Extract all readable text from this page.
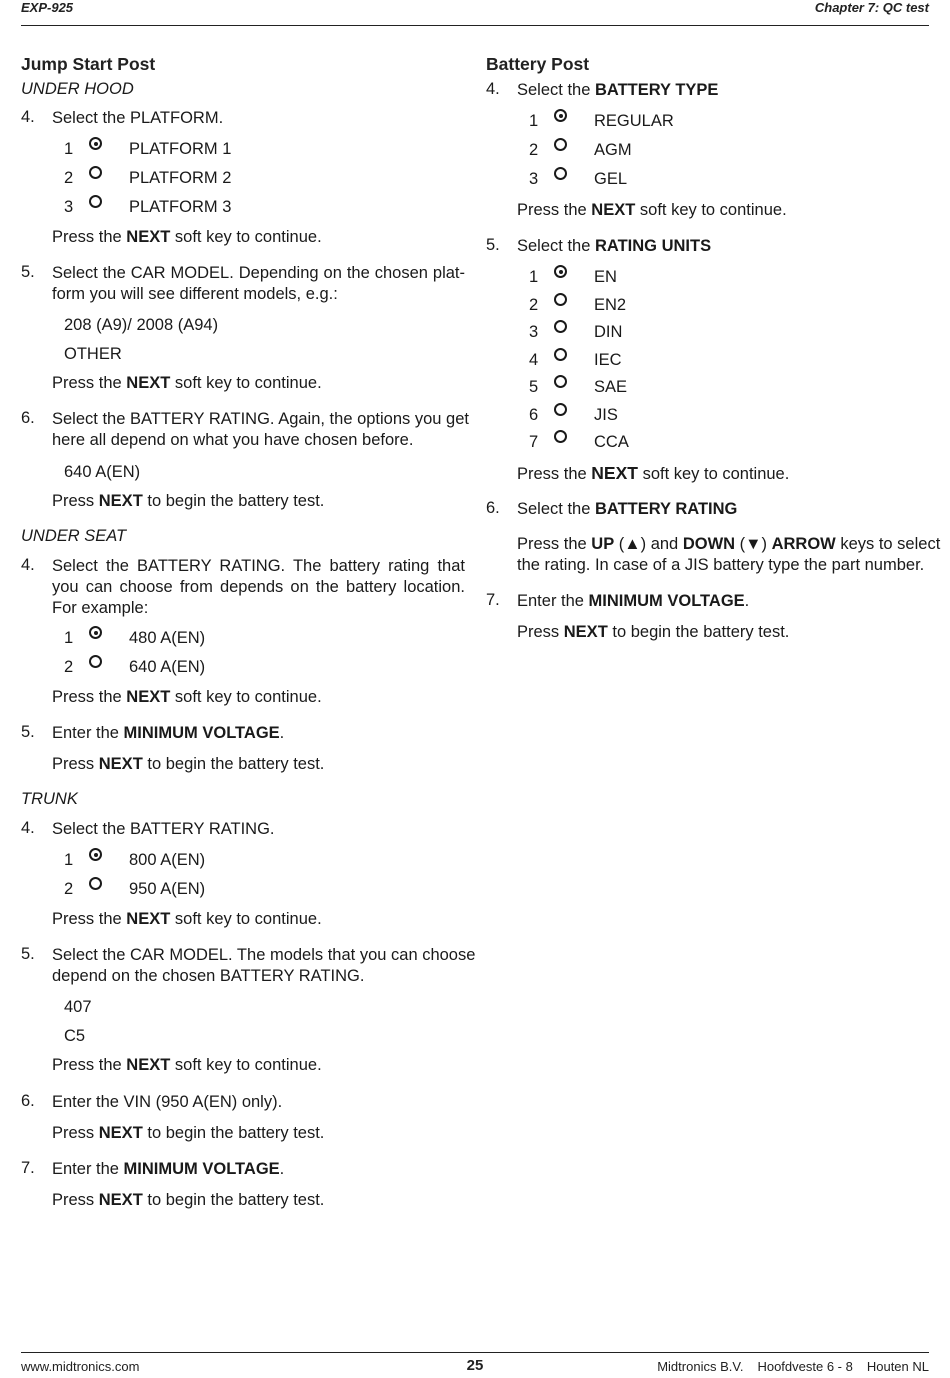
EXP-925	Chapter 7: QC test
Jump Start Post
UNDER HOOD
4. Select the PLATFORM.
1	PLATFORM 1
2	PLATFORM 2
3	PLATFORM 3
Press the NEXT soft key to continue.
5. Select the CAR MODEL. Depending on the chosen plat-
form you will see different models, e.g.:
208 (A9)/ 2008 (A94)
OTHER
Press the NEXT soft key to continue.
6. Select the BATTERY RATING. Again, the options you get
here all depend on what you have chosen before.
640 A(EN)
Press NEXT to begin the battery test.
UNDER SEAT
4. Select the BATTERY RATING. The battery rating that
you can choose from depends on the battery location.
For example:
1	480 A(EN)
2	640 A(EN)
Press the NEXT soft key to continue.
5. Enter the MINIMUM VOLTAGE.
Press NEXT to begin the battery test.
TRUNK
4. Select the BATTERY RATING.
1	800 A(EN)
2	950 A(EN)
Press the NEXT soft key to continue.
5. Select the CAR MODEL. The models that you can choose
depend on the chosen BATTERY RATING.
407
C5
Press the NEXT soft key to continue.
6. Enter the VIN (950 A(EN) only).
Press NEXT to begin the battery test.
7. Enter the MINIMUM VOLTAGE.
Press NEXT to begin the battery test.
Battery Post
4. Select the BATTERY TYPE
1	REGULAR
2	AGM
3	GEL
Press the NEXT soft key to continue.
5. Select the RATING UNITS
1	EN
2	EN2
3	DIN
4	IEC
5	SAE
6	JIS
7	CCA
Press the NEXT soft key to continue.
6. Select the BATTERY RATING
Press the UP (▲) and DOWN (▼) ARROW keys to select
the rating. In case of a JIS battery type the part number.
7. Enter the MINIMUM VOLTAGE.
Press NEXT to begin the battery test.
www.midtronics.com	25	Midtronics B.V. Hoofdveste 6 - 8 Houten NL
